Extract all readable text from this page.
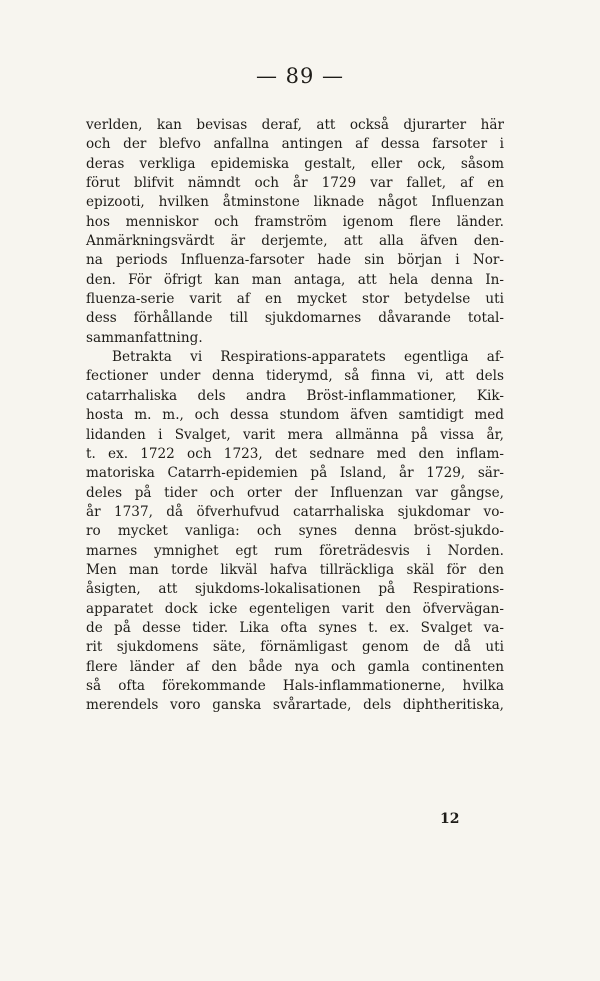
— 89 —
verlden, kan bevisas deraf, att också djurarter här
och der blefvo anfallna antingen af dessa farsoter i
deras verkliga epidemiska gestalt, eller ock, såsom
förut blifvit nämndt och år 1729 var fallet, af en
epizooti, hvilken åtminstone liknade något Influenzan
hos menniskor och framström igenom flere länder.
Anmärkningsvärdt är derjemte, att alla äfven den-
na periods Influenza-farsoter hade sin början i Nor-
den. För öfrigt kan man antaga, att hela denna In-
fluenza-serie varit af en mycket stor betydelse uti
dess förhållande till sjukdomarnes dåvarande total-
sammanfattning.
Betrakta vi Respirations-apparatets egentliga af-
fectioner under denna tiderymd, så finna vi, att dels
catarrhaliska dels andra Bröst-inflammationer, Kik-
hosta m. m., och dessa stundom äfven samtidigt med
lidanden i Svalget, varit mera allmänna på vissa år,
t. ex. 1722 och 1723, det sednare med den inflam-
matoriska Catarrh-epidemien på Island, år 1729, sär-
deles på tider och orter der Influenzan var gångse,
år 1737, då öfverhufvud catarrhaliska sjukdomar vo-
ro mycket vanliga: och synes denna bröst-sjukdo-
marnes ymnighet egt rum företrädesvis i Norden.
Men man torde likväl hafva tillräckliga skäl för den
åsigten, att sjukdoms-lokalisationen på Respirations-
apparatet dock icke egenteligen varit den öfvervägan-
de på desse tider. Lika ofta synes t. ex. Svalget va-
rit sjukdomens säte, förnämligast genom de då uti
flere länder af den både nya och gamla continenten
så ofta förekommande Hals-inflammationerne, hvilka
merendels voro ganska svårartade, dels diphtheritiska,
12
